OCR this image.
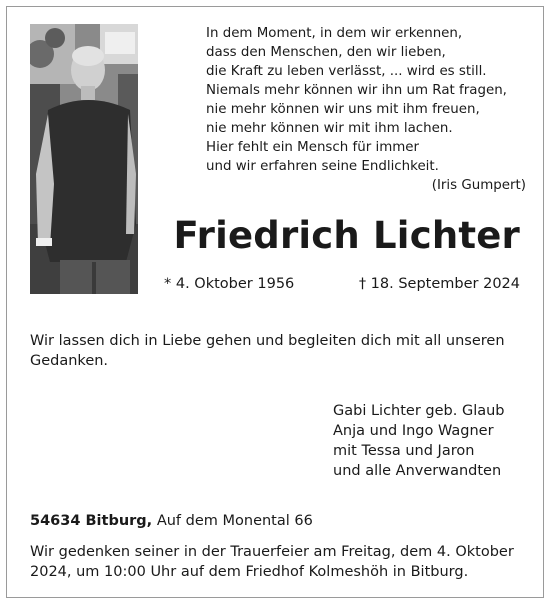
In dem Moment, in dem wir erkennen,
dass den Menschen, den wir lieben,
die Kraft zu leben verlässt, ... wird es still.
Niemals mehr können wir ihn um Rat fragen,
nie mehr können wir uns mit ihm freuen,
nie mehr können wir mit ihm lachen.
Hier fehlt ein Mensch für immer
und wir erfahren seine Endlichkeit.
(Iris Gumpert)
Friedrich Lichter
* 4. Oktober 1956	† 18. September 2024
Wir lassen dich in Liebe gehen und begleiten dich mit all unseren Gedanken.
Gabi Lichter geb. Glaub
Anja und Ingo Wagner
mit Tessa und Jaron
und alle Anverwandten
54634 Bitburg, Auf dem Monental 66
Wir gedenken seiner in der Trauerfeier am Freitag, dem 4. Oktober 2024, um 10:00 Uhr auf dem Friedhof Kolmeshöh in Bitburg.
